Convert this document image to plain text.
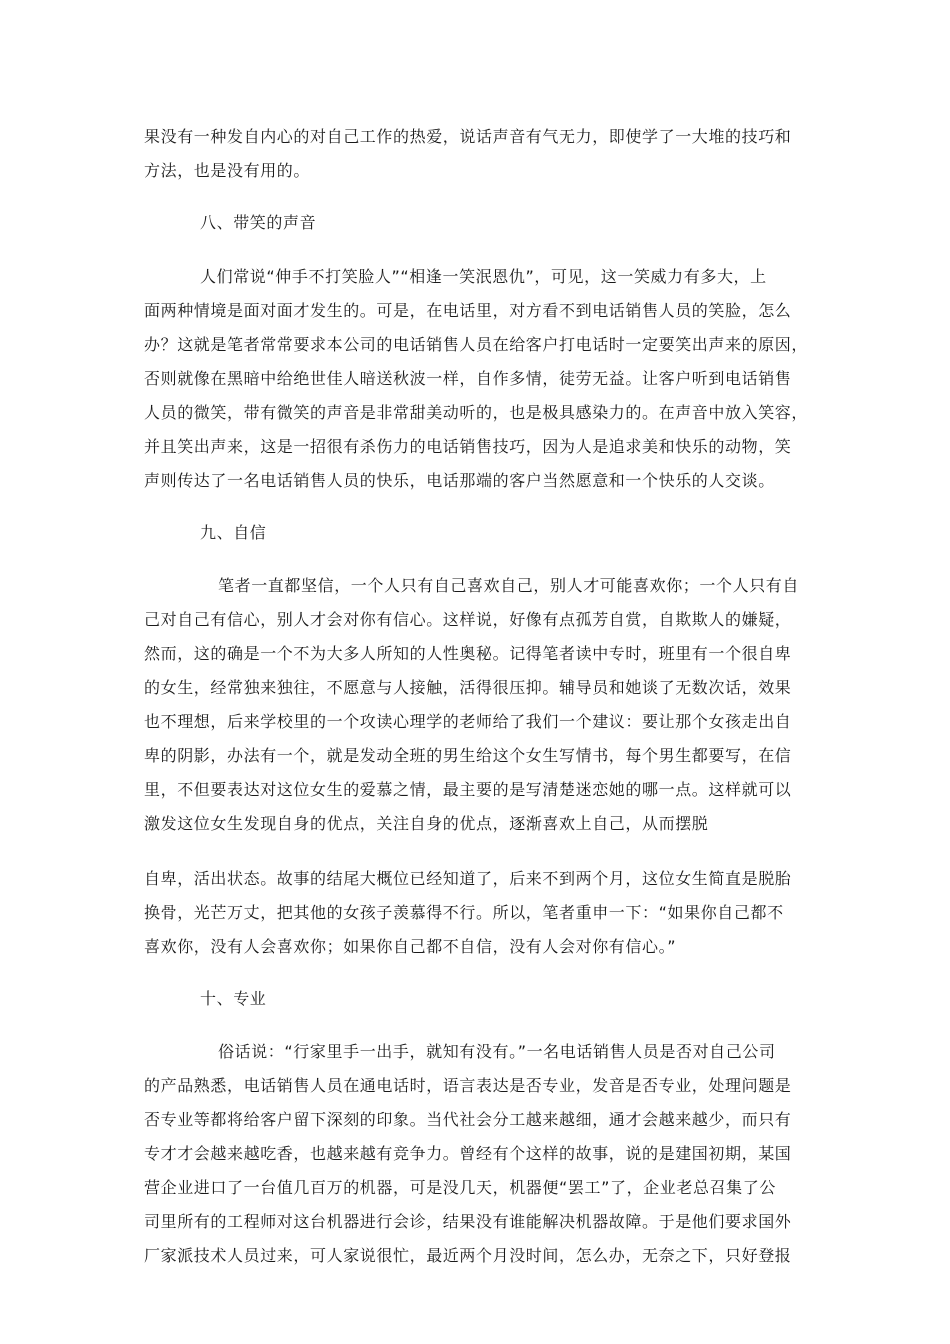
果没有一种发自内心的对自己工作的热爱，说话声音有气无力，即使学了一大堆的技巧和
方法，也是没有用的。
八、带笑的声音
人们常说“伸手不打笑脸人”“相逢一笑泯恩仇”，可见，这一笑威力有多大，上
面两种情境是面对面才发生的。可是，在电话里，对方看不到电话销售人员的笑脸，怎么
办？这就是笔者常常要求本公司的电话销售人员在给客户打电话时一定要笑出声来的原因，
否则就像在黑暗中给绝世佳人暗送秋波一样，自作多情，徒劳无益。让客户听到电话销售
人员的微笑，带有微笑的声音是非常甜美动听的，也是极具感染力的。在声音中放入笑容，
并且笑出声来，这是一招很有杀伤力的电话销售技巧，因为人是追求美和快乐的动物，笑
声则传达了一名电话销售人员的快乐，电话那端的客户当然愿意和一个快乐的人交谈。
九、自信
笔者一直都坚信，一个人只有自己喜欢自己，别人才可能喜欢你；一个人只有自
己对自己有信心，别人才会对你有信心。这样说，好像有点孤芳自赏，自欺欺人的嫌疑，
然而，这的确是一个不为大多人所知的人性奥秘。记得笔者读中专时，班里有一个很自卑
的女生，经常独来独往，不愿意与人接触，活得很压抑。辅导员和她谈了无数次话，效果
也不理想，后来学校里的一个攻读心理学的老师给了我们一个建议：要让那个女孩走出自
卑的阴影，办法有一个，就是发动全班的男生给这个女生写情书，每个男生都要写，在信
里，不但要表达对这位女生的爱慕之情，最主要的是写清楚迷恋她的哪一点。这样就可以
激发这位女生发现自身的优点，关注自身的优点，逐渐喜欢上自己，从而摆脱
自卑，活出状态。故事的结尾大概位已经知道了，后来不到两个月，这位女生简直是脱胎
换骨，光芒万丈，把其他的女孩子羡慕得不行。所以，笔者重申一下：“如果你自己都不
喜欢你，没有人会喜欢你；如果你自己都不自信，没有人会对你有信心。”
十、专业
俗话说：“行家里手一出手，就知有没有。”一名电话销售人员是否对自己公司
的产品熟悉，电话销售人员在通电话时，语言表达是否专业，发音是否专业，处理问题是
否专业等都将给客户留下深刻的印象。当代社会分工越来越细，通才会越来越少，而只有
专才才会越来越吃香，也越来越有竞争力。曾经有个这样的故事，说的是建国初期，某国
营企业进口了一台值几百万的机器，可是没几天，机器便“罢工”了，企业老总召集了公
司里所有的工程师对这台机器进行会诊，结果没有谁能解决机器故障。于是他们要求国外
厂家派技术人员过来，可人家说很忙，最近两个月没时间，怎么办，无奈之下，只好登报
